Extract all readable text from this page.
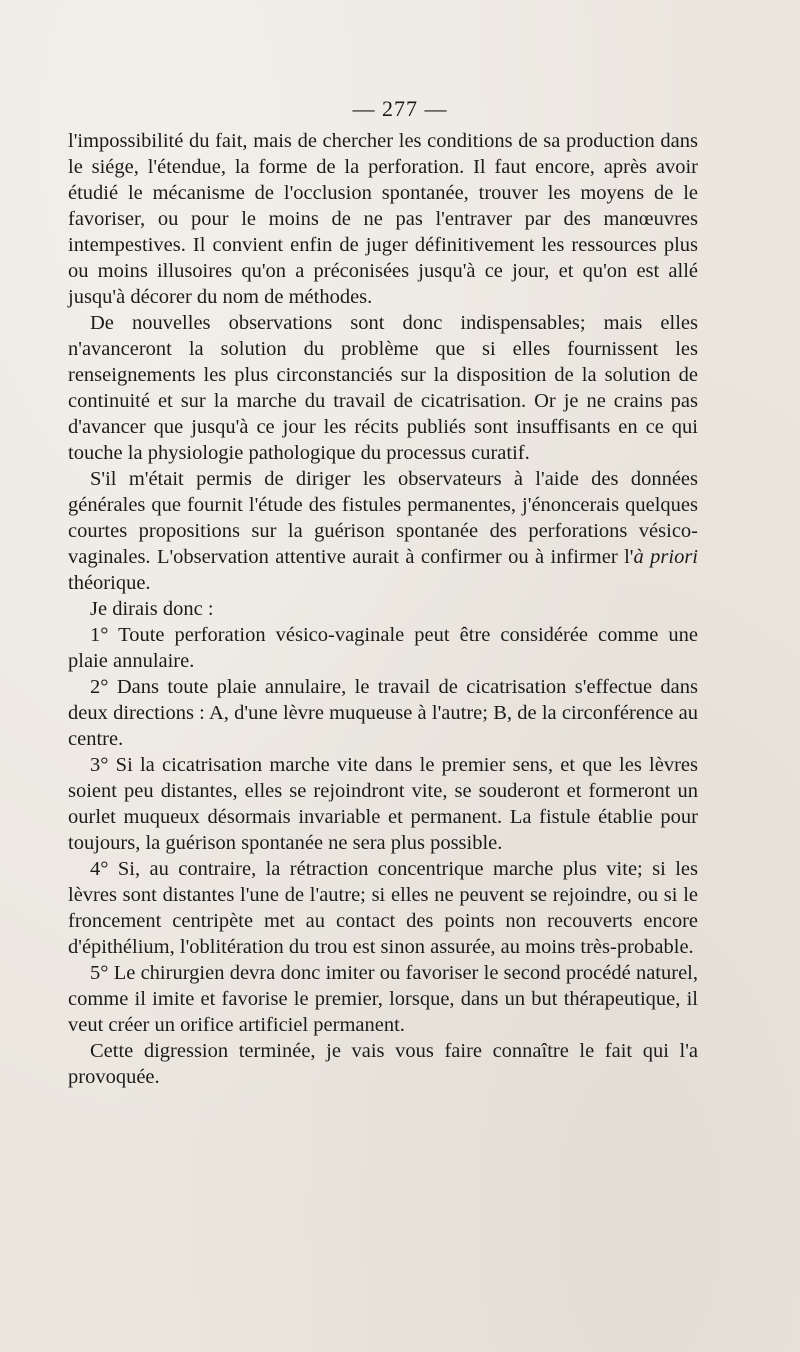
— 277 —

l'impossibilité du fait, mais de chercher les conditions de sa production dans le siége, l'étendue, la forme de la perforation. Il faut encore, après avoir étudié le mécanisme de l'occlusion spontanée, trouver les moyens de le favoriser, ou pour le moins de ne pas l'entraver par des manœuvres intempestives. Il convient enfin de juger définitivement les ressources plus ou moins illusoires qu'on a préconisées jusqu'à ce jour, et qu'on est allé jusqu'à décorer du nom de méthodes.

De nouvelles observations sont donc indispensables; mais elles n'avanceront la solution du problème que si elles fournissent les renseignements les plus circonstanciés sur la disposition de la solution de continuité et sur la marche du travail de cicatrisation. Or je ne crains pas d'avancer que jusqu'à ce jour les récits publiés sont insuffisants en ce qui touche la physiologie pathologique du processus curatif.

S'il m'était permis de diriger les observateurs à l'aide des données générales que fournit l'étude des fistules permanentes, j'énoncerais quelques courtes propositions sur la guérison spontanée des perforations vésico-vaginales. L'observation attentive aurait à confirmer ou à infirmer l'à priori théorique.

Je dirais donc :

1° Toute perforation vésico-vaginale peut être considérée comme une plaie annulaire.

2° Dans toute plaie annulaire, le travail de cicatrisation s'effectue dans deux directions : A, d'une lèvre muqueuse à l'autre; B, de la circonférence au centre.

3° Si la cicatrisation marche vite dans le premier sens, et que les lèvres soient peu distantes, elles se rejoindront vite, se souderont et formeront un ourlet muqueux désormais invariable et permanent. La fistule établie pour toujours, la guérison spontanée ne sera plus possible.

4° Si, au contraire, la rétraction concentrique marche plus vite; si les lèvres sont distantes l'une de l'autre; si elles ne peuvent se rejoindre, ou si le froncement centripète met au contact des points non recouverts encore d'épithélium, l'oblitération du trou est sinon assurée, au moins très-probable.

5° Le chirurgien devra donc imiter ou favoriser le second procédé naturel, comme il imite et favorise le premier, lorsque, dans un but thérapeutique, il veut créer un orifice artificiel permanent.

Cette digression terminée, je vais vous faire connaître le fait qui l'a provoquée.
